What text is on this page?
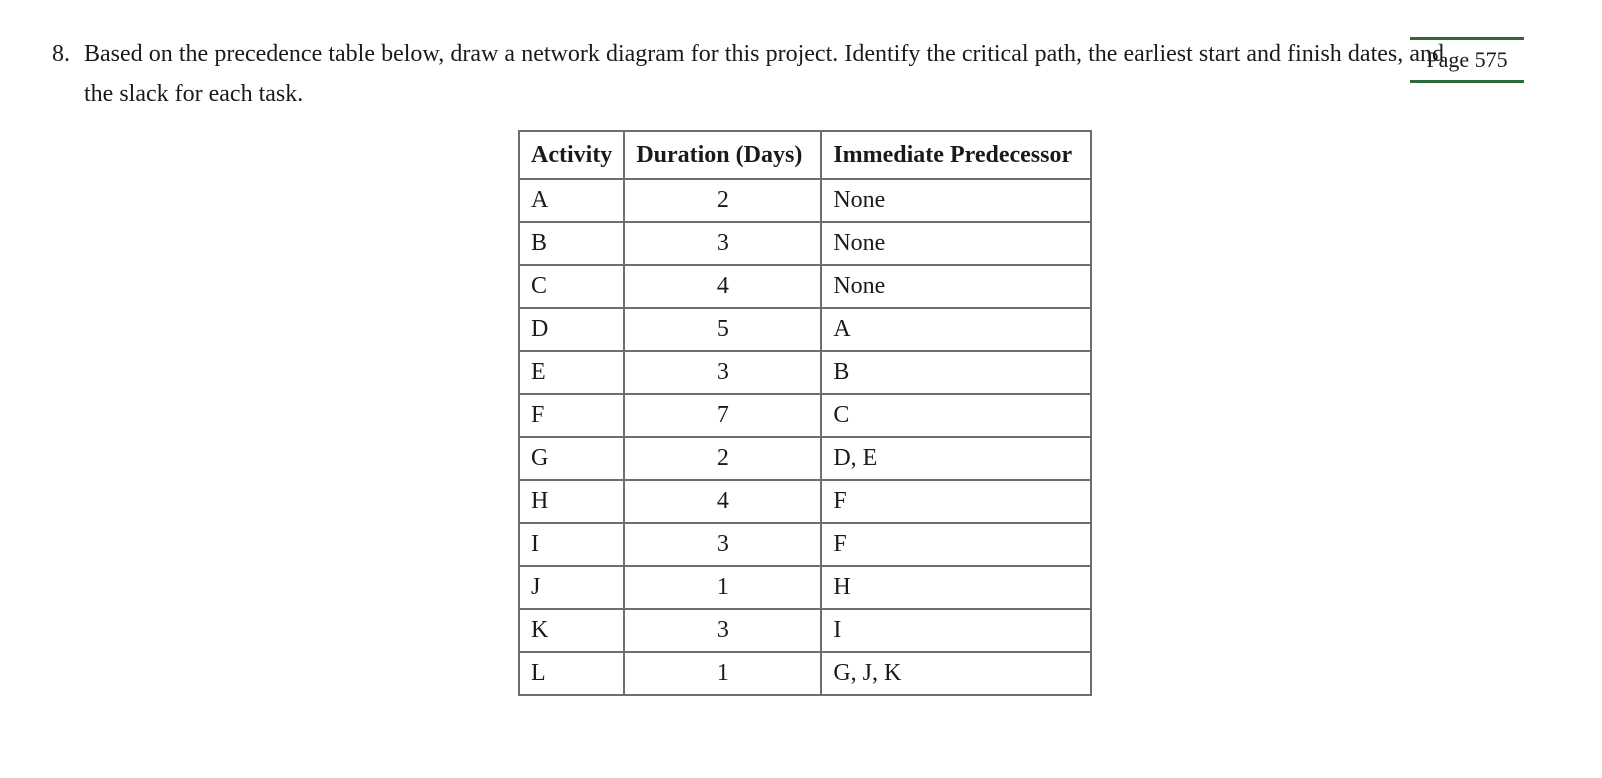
8. Based on the precedence table below, draw a network diagram for this project. Identify the critical path, the earliest start and finish dates, and the slack for each task.
Page 575
Activity	Duration (Days)	Immediate Predecessor
A	2	None
B	3	None
C	4	None
D	5	A
E	3	B
F	7	C
G	2	D, E
H	4	F
I	3	F
J	1	H
K	3	I
L	1	G, J, K
